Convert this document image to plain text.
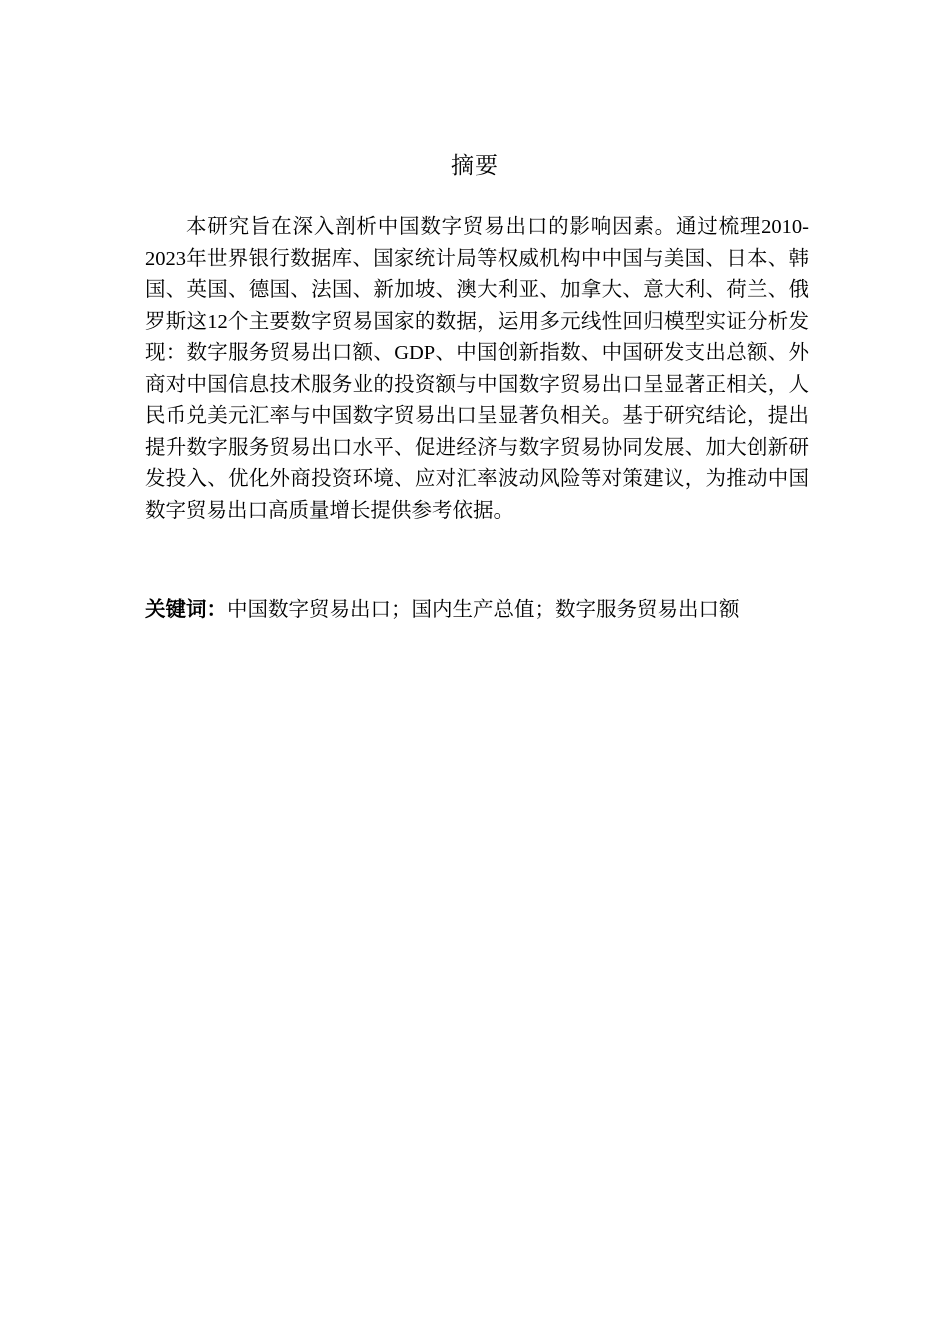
摘要

本研究旨在深入剖析中国数字贸易出口的影响因素。通过梳理2010-2023年世界银行数据库、国家统计局等权威机构中中国与美国、日本、韩国、英国、德国、法国、新加坡、澳大利亚、加拿大、意大利、荷兰、俄罗斯这12个主要数字贸易国家的数据，运用多元线性回归模型实证分析发现：数字服务贸易出口额、GDP、中国创新指数、中国研发支出总额、外商对中国信息技术服务业的投资额与中国数字贸易出口呈显著正相关，人民币兑美元汇率与中国数字贸易出口呈显著负相关。基于研究结论，提出提升数字服务贸易出口水平、促进经济与数字贸易协同发展、加大创新研发投入、优化外商投资环境、应对汇率波动风险等对策建议，为推动中国数字贸易出口高质量增长提供参考依据。

关键词：中国数字贸易出口；国内生产总值；数字服务贸易出口额
